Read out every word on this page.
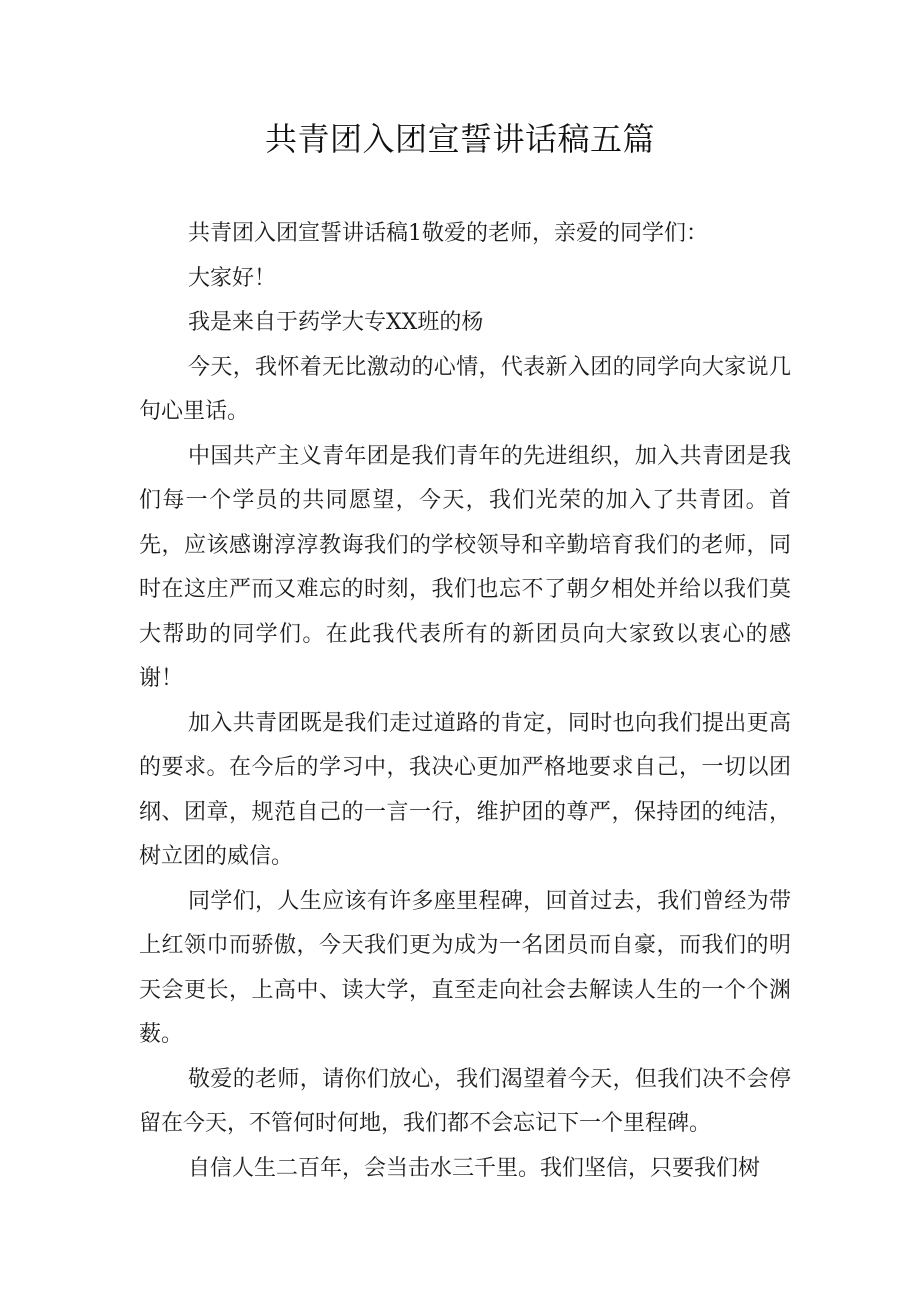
共青团入团宣誓讲话稿五篇

共青团入团宣誓讲话稿1敬爱的老师，亲爱的同学们：

大家好！

我是来自于药学大专XX班的杨

今天，我怀着无比激动的心情，代表新入团的同学向大家说几句心里话。

中国共产主义青年团是我们青年的先进组织，加入共青团是我们每一个学员的共同愿望，今天，我们光荣的加入了共青团。首先，应该感谢淳淳教诲我们的学校领导和辛勤培育我们的老师，同时在这庄严而又难忘的时刻，我们也忘不了朝夕相处并给以我们莫大帮助的同学们。在此我代表所有的新团员向大家致以衷心的感谢！

加入共青团既是我们走过道路的肯定，同时也向我们提出更高的要求。在今后的学习中，我决心更加严格地要求自己，一切以团纲、团章，规范自己的一言一行，维护团的尊严，保持团的纯洁，树立团的威信。

同学们，人生应该有许多座里程碑，回首过去，我们曾经为带上红领巾而骄傲，今天我们更为成为一名团员而自豪，而我们的明天会更长，上高中、读大学，直至走向社会去解读人生的一个个渊薮。

敬爱的老师，请你们放心，我们渴望着今天，但我们决不会停留在今天，不管何时何地，我们都不会忘记下一个里程碑。

自信人生二百年，会当击水三千里。我们坚信，只要我们树
